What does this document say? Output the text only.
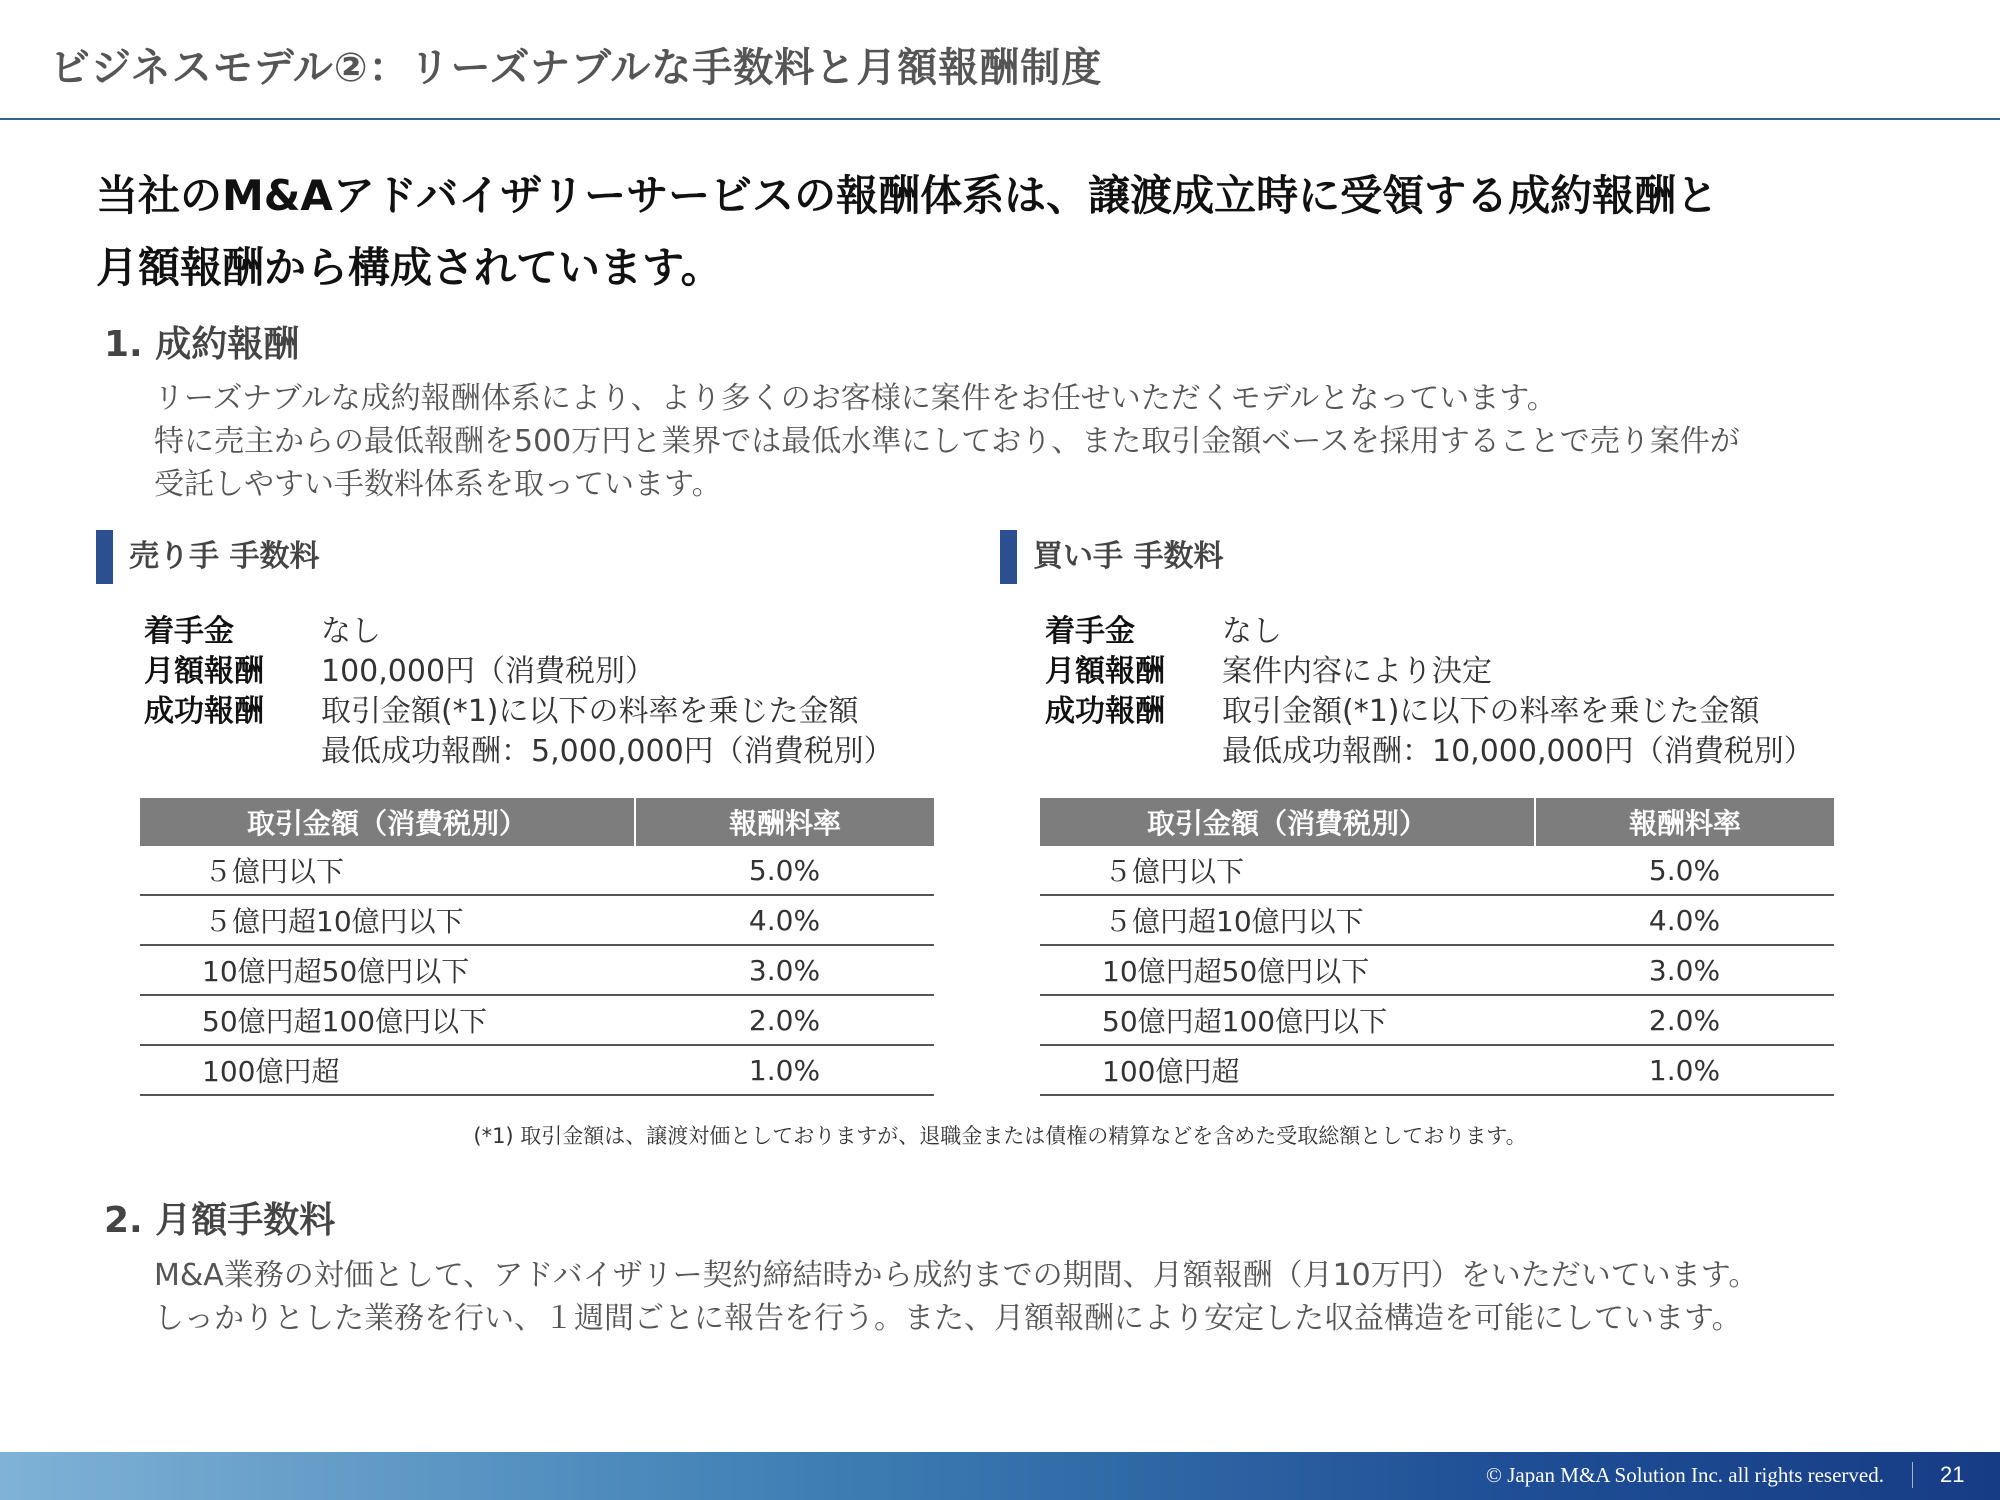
ビジネスモデル②：リーズナブルな手数料と月額報酬制度
当社のM&Aアドバイザリーサービスの報酬体系は、譲渡成立時に受領する成約報酬と
月額報酬から構成されています。
1. 成約報酬
リーズナブルな成約報酬体系により、より多くのお客様に案件をお任せいただくモデルとなっています。
特に売主からの最低報酬を500万円と業界では最低水準にしており、また取引金額ベースを採用することで売り案件が
受託しやすい手数料体系を取っています。
売り手 手数料
着手金	なし
月額報酬	100,000円（消費税別）
成功報酬	取引金額(*1)に以下の料率を乗じた金額
最低成功報酬：5,000,000円（消費税別）
取引金額（消費税別）	報酬料率
５億円以下	5.0%
５億円超10億円以下	4.0%
10億円超50億円以下	3.0%
50億円超100億円以下	2.0%
100億円超	1.0%
買い手 手数料
着手金	なし
月額報酬	案件内容により決定
成功報酬	取引金額(*1)に以下の料率を乗じた金額
最低成功報酬：10,000,000円（消費税別）
取引金額（消費税別）	報酬料率
５億円以下	5.0%
５億円超10億円以下	4.0%
10億円超50億円以下	3.0%
50億円超100億円以下	2.0%
100億円超	1.0%
(*1) 取引金額は、譲渡対価としておりますが、退職金または債権の精算などを含めた受取総額としております。
2. 月額手数料
M&A業務の対価として、アドバイザリー契約締結時から成約までの期間、月額報酬（月10万円）をいただいています。
しっかりとした業務を行い、１週間ごとに報告を行う。また、月額報酬により安定した収益構造を可能にしています。
© Japan M&A Solution Inc. all rights reserved.	21
